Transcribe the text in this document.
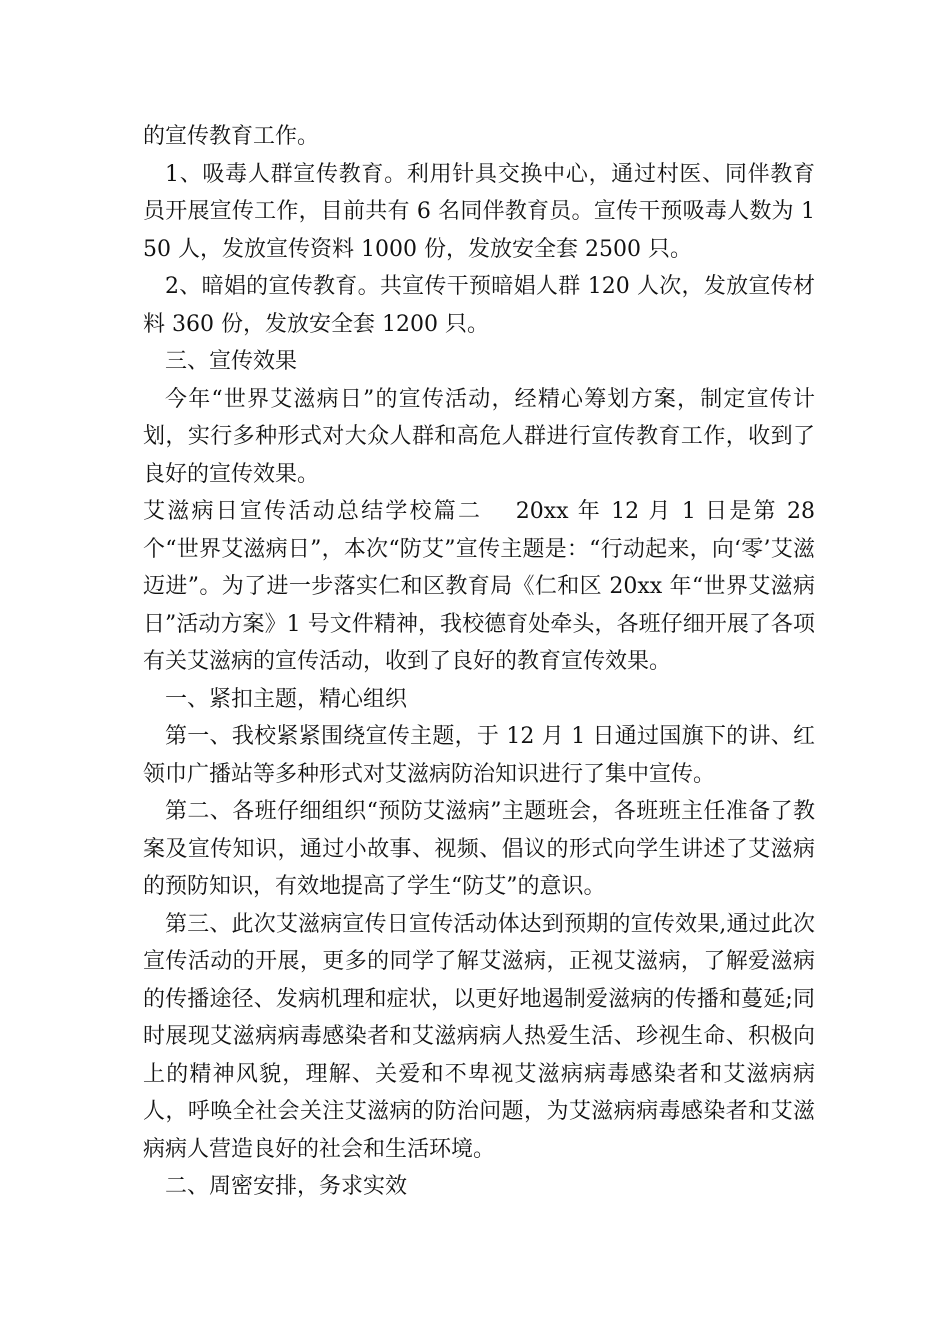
的宣传教育工作。

1、吸毒人群宣传教育。利用针具交换中心，通过村医、同伴教育员开展宣传工作，目前共有 6 名同伴教育员。宣传干预吸毒人数为 150 人，发放宣传资料 1000 份，发放安全套 2500 只。

2、暗娼的宣传教育。共宣传干预暗娼人群 120 人次，发放宣传材料 360 份，发放安全套 1200 只。

三、宣传效果

今年“世界艾滋病日”的宣传活动，经精心筹划方案，制定宣传计划，实行多种形式对大众人群和高危人群进行宣传教育工作，收到了良好的宣传效果。

艾滋病日宣传活动总结学校篇二　 20xx 年 12 月 1 日是第 28 个“世界艾滋病日”，本次“防艾”宣传主题是：“行动起来，向‘零’艾滋迈进”。为了进一步落实仁和区教育局《仁和区 20xx 年“世界艾滋病日”活动方案》1 号文件精神，我校德育处牵头，各班仔细开展了各项有关艾滋病的宣传活动，收到了良好的教育宣传效果。

一、紧扣主题，精心组织

第一、我校紧紧围绕宣传主题，于 12 月 1 日通过国旗下的讲、红领巾广播站等多种形式对艾滋病防治知识进行了集中宣传。

第二、各班仔细组织“预防艾滋病”主题班会，各班班主任准备了教案及宣传知识，通过小故事、视频、倡议的形式向学生讲述了艾滋病的预防知识，有效地提高了学生“防艾”的意识。

第三、此次艾滋病宣传日宣传活动体达到预期的宣传效果,通过此次宣传活动的开展，更多的同学了解艾滋病，正视艾滋病，了解爱滋病的传播途径、发病机理和症状，以更好地遏制爱滋病的传播和蔓延;同时展现艾滋病病毒感染者和艾滋病病人热爱生活、珍视生命、积极向上的精神风貌，理解、关爱和不卑视艾滋病病毒感染者和艾滋病病人，呼唤全社会关注艾滋病的防治问题，为艾滋病病毒感染者和艾滋病病人营造良好的社会和生活环境。

二、周密安排，务求实效
